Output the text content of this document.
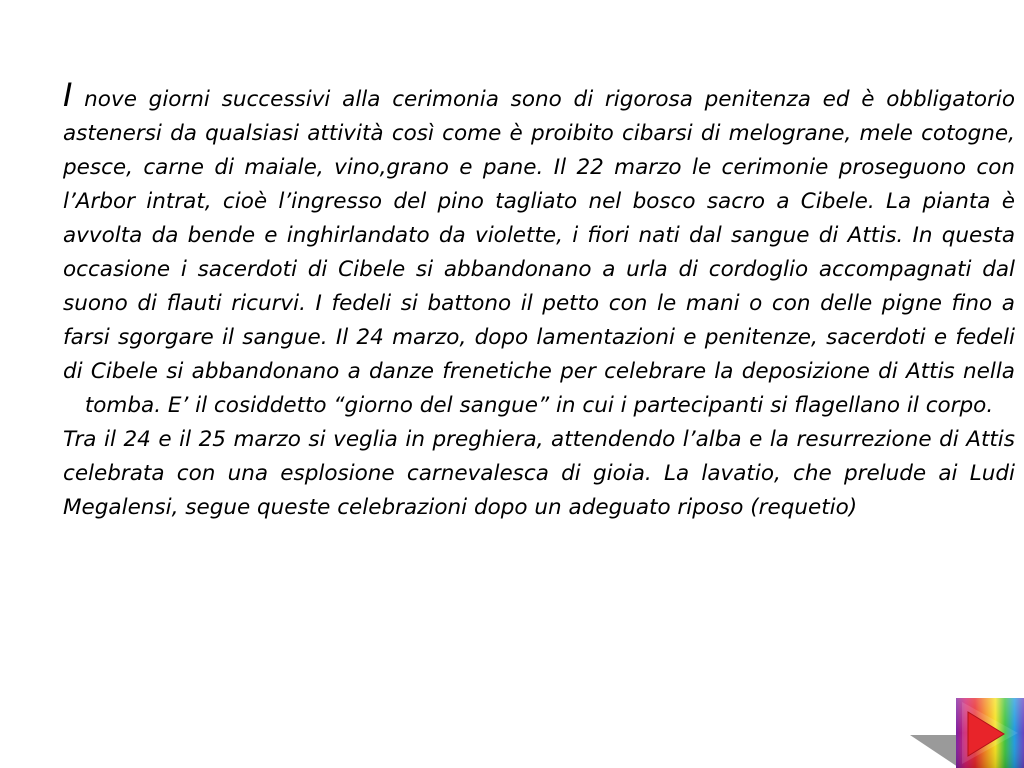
I nove giorni successivi alla cerimonia sono di rigorosa penitenza ed è obbligatorio astenersi da qualsiasi attività così come è proibito cibarsi di melograne, mele cotogne, pesce, carne di maiale, vino,grano e pane. Il 22 marzo le cerimonie proseguono con l’Arbor intrat, cioè l’ingresso del pino tagliato nel bosco sacro a Cibele. La pianta è avvolta da bende e inghirlandato da violette, i fiori nati dal sangue di Attis. In questa occasione i sacerdoti di Cibele si abbandonano a urla di cordoglio accompagnati dal suono di flauti ricurvi. I fedeli si battono il petto con le mani o con delle pigne fino a farsi sgorgare il sangue. Il 24 marzo, dopo lamentazioni e penitenze, sacerdoti e fedeli di Cibele si abbandonano a danze frenetiche per celebrare la deposizione di Attis nella tomba. E’ il cosiddetto “giorno del sangue” in cui i partecipanti si flagellano il corpo.

Tra il 24 e il 25 marzo si veglia in preghiera, attendendo l’alba e la resurrezione di Attis celebrata con una esplosione carnevalesca di gioia. La lavatio, che prelude ai Ludi Megalensi, segue queste celebrazioni dopo un adeguato riposo (requetio)
